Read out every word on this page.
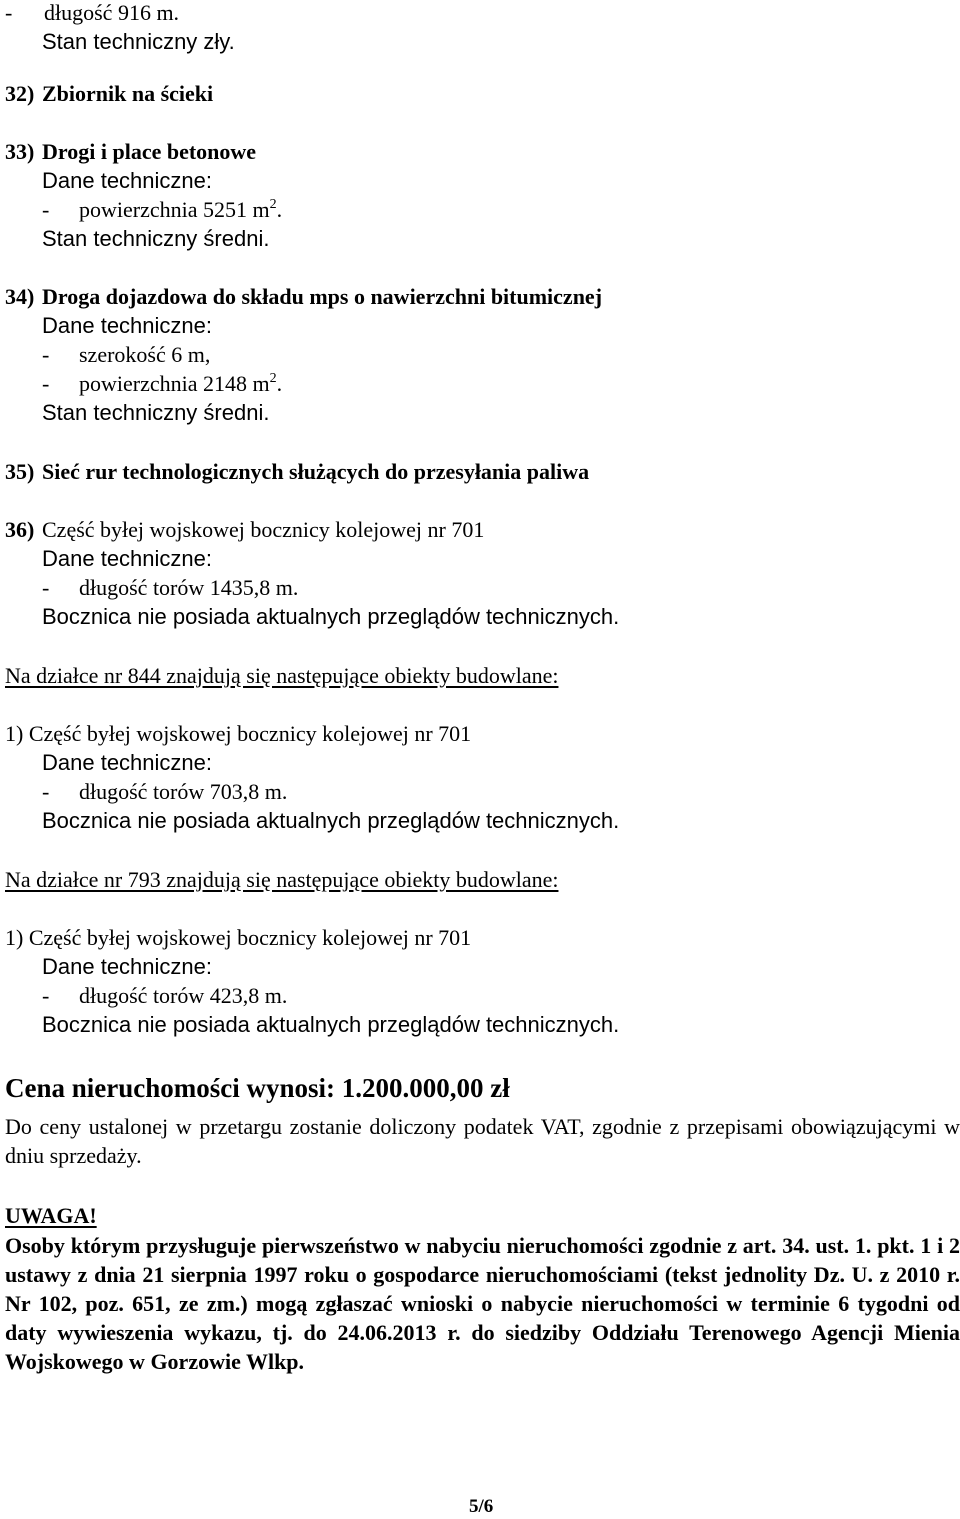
- długość 916 m.
Stan techniczny zły.
32) Zbiornik na ścieki
33) Drogi i place betonowe
Dane techniczne:
- powierzchnia 5251 $m^2$.
Stan techniczny średni.
34) Droga dojazdowa do składu mps o nawierzchni bitumicznej
Dane techniczne:
- szerokość 6 m,
- powierzchnia 2148 $m^2$.
Stan techniczny średni.
35) Sieć rur technologicznych służących do przesyłania paliwa
36) Część byłej wojskowej bocznicy kolejowej nr 701
Dane techniczne:
- długość torów 1435,8 m.
Bocznica nie posiada aktualnych przeglądów technicznych.
Na działce nr 844 znajdują się następujące obiekty budowlane:
1) Część byłej wojskowej bocznicy kolejowej nr 701
Dane techniczne:
- długość torów 703,8 m.
Bocznica nie posiada aktualnych przeglądów technicznych.
Na działce nr 793 znajdują się następujące obiekty budowlane:
1) Część byłej wojskowej bocznicy kolejowej nr 701
Dane techniczne:
- długość torów 423,8 m.
Bocznica nie posiada aktualnych przeglądów technicznych.
Cena nieruchomości wynosi: 1.200.000,00 zł
Do ceny ustalonej w przetargu zostanie doliczony podatek VAT, zgodnie z przepisami obowiązującymi w dniu sprzedaży.
UWAGA!
Osoby którym przysługuje pierwszeństwo w nabyciu nieruchomości zgodnie z art. 34. ust. 1. pkt. 1 i 2 ustawy z dnia 21 sierpnia 1997 roku o gospodarce nieruchomościami (tekst jednolity Dz. U. z 2010 r. Nr 102, poz. 651, ze zm.) mogą zgłaszać wnioski o nabycie nieruchomości w terminie 6 tygodni od daty wywieszenia wykazu, tj. do 24.06.2013 r. do siedziby Oddziału Terenowego Agencji Mienia Wojskowego w Gorzowie Wlkp.
5/6
